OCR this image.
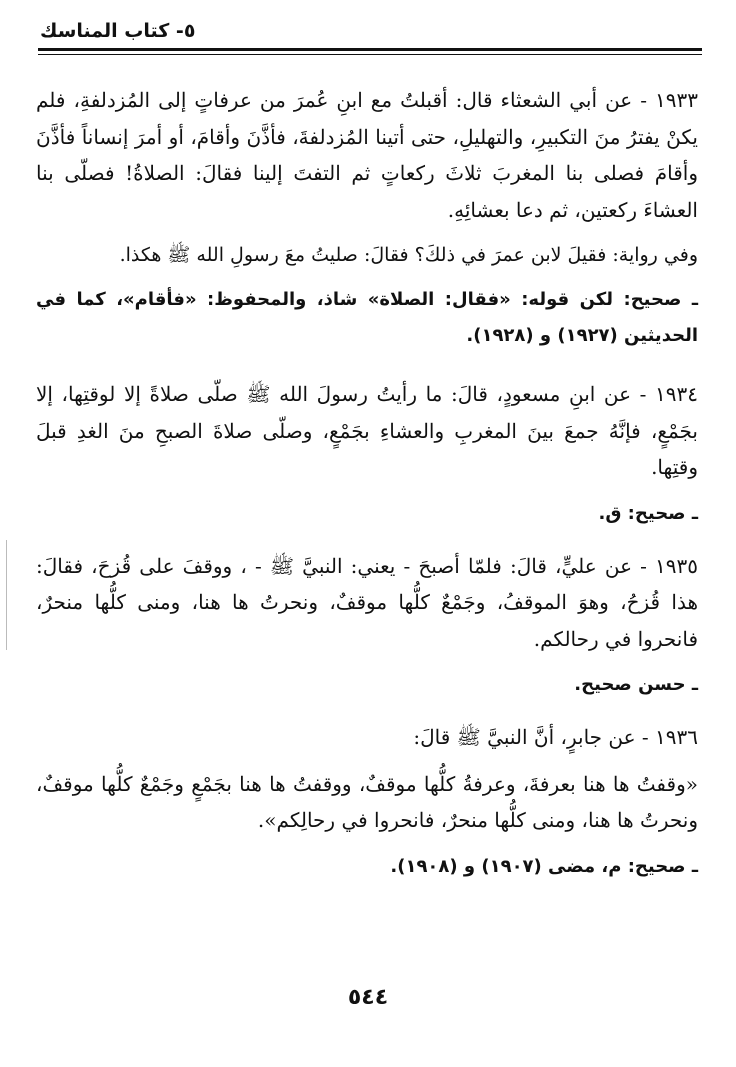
٥- كتاب المناسك

١٩٣٣ - عن أبي الشعثاء قال: أقبلتُ مع ابنِ عُمرَ من عرفاتٍ إلى المُزدلفةِ، فلم يكنْ يفترُ منَ التكبيرِ، والتهليلِ، حتى أتينا المُزدلفةَ، فأذَّنَ وأقامَ، أو أمرَ إنساناً فأذَّنَ وأقامَ فصلى بنا المغربَ ثلاثَ ركعاتٍ ثم التفتَ إلينا فقالَ: الصلاةُ! فصلّى بنا العشاءَ ركعتين، ثم دعا بعشائِهِ.

وفي رواية: فقيلَ لابن عمرَ في ذلكَ؟ فقالَ: صليتُ معَ رسولِ الله ﷺ هكذا.

ـ صحيح: لكن قوله: «فقال: الصلاة» شاذ، والمحفوظ: «فأقام»، كما في الحديثين (١٩٢٧) و (١٩٢٨).

١٩٣٤ - عن ابنِ مسعودٍ، قالَ: ما رأيتُ رسولَ الله ﷺ صلّى صلاةً إلا لوقتِها، إلا بجَمْعٍ، فإنَّهُ جمعَ بينَ المغربِ والعشاءِ بجَمْعٍ، وصلّى صلاةَ الصبحِ منَ الغدِ قبلَ وقتِها.

ـ صحيح: ق.

١٩٣٥ - عن عليٍّ، قالَ: فلمّا أصبحَ - يعني: النبيَّ ﷺ - ، ووقفَ على قُزحَ، فقالَ: هذا قُزحُ، وهوَ الموقفُ، وجَمْعٌ كلُّها موقفٌ، ونحرتُ ها هنا، ومنى كلُّها منحرٌ، فانحروا في رحالكم.

ـ حسن صحيح.

١٩٣٦ - عن جابرٍ، أنَّ النبيَّ ﷺ قالَ:

«وقفتُ ها هنا بعرفةَ، وعرفةُ كلُّها موقفٌ، ووقفتُ ها هنا بجَمْعٍ وجَمْعٌ كلُّها موقفٌ، ونحرتُ ها هنا، ومنى كلُّها منحرٌ، فانحروا في رحالِكم».

ـ صحيح: م، مضى (١٩٠٧) و (١٩٠٨).

٥٤٤
